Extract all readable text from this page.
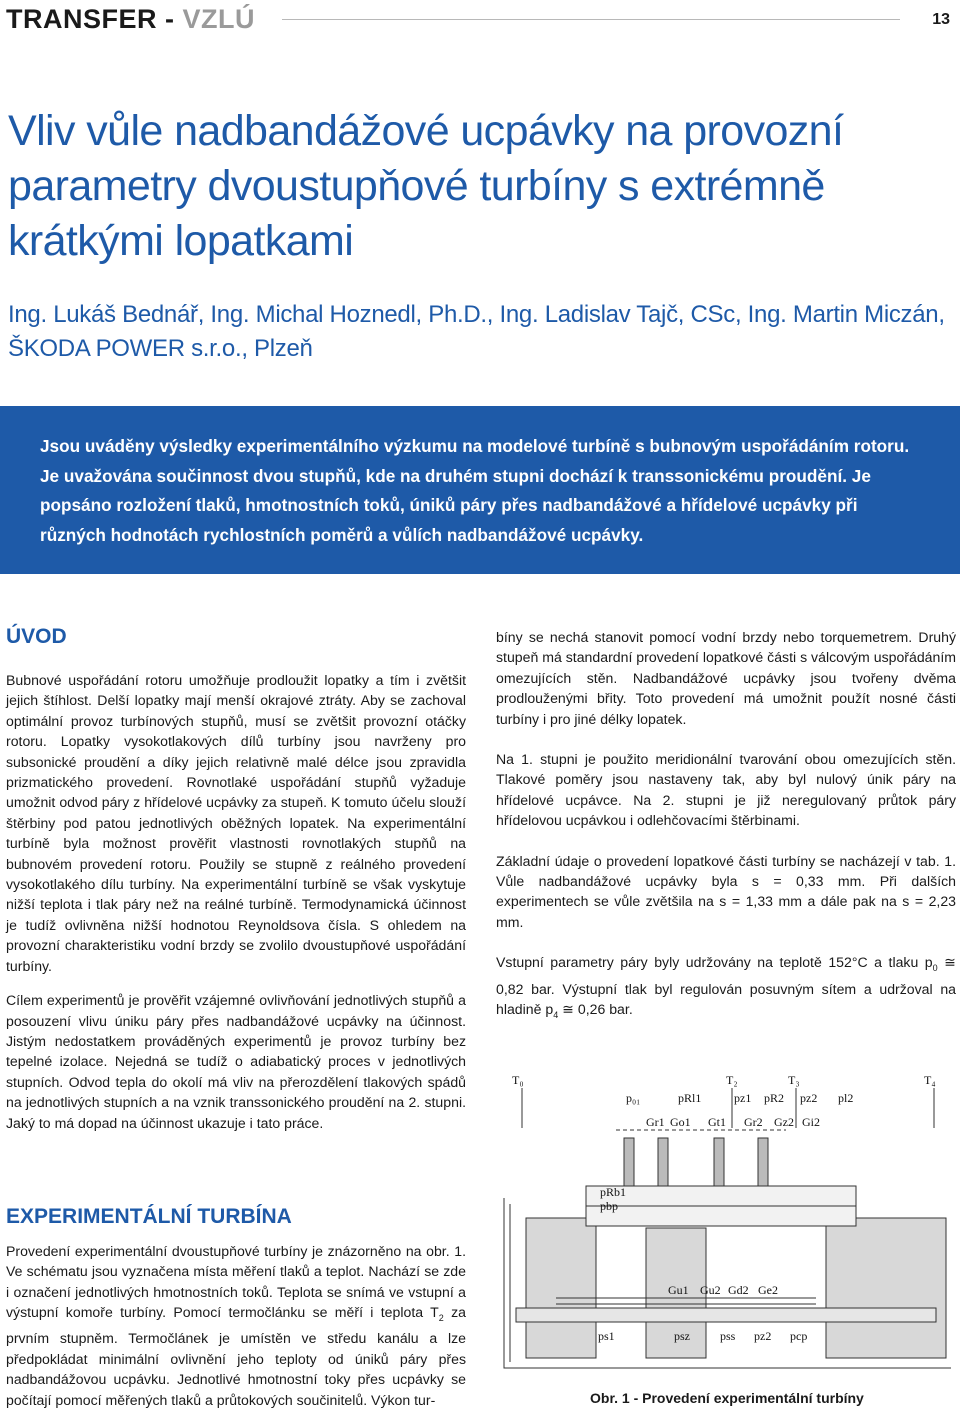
TRANSFER - VZLÚ	13
Vliv vůle nadbandážové ucpávky na provozní parametry dvoustupňové turbíny s extrémně krátkými lopatkami
Ing. Lukáš Bednář, Ing. Michal Hoznedl, Ph.D., Ing. Ladislav Tajč, CSc, Ing. Martin Miczán, ŠKODA POWER s.r.o., Plzeň

Jsou uváděny výsledky experimentálního výzkumu na modelové turbíně s bubnovým uspořádáním rotoru. Je uvažována součinnost dvou stupňů, kde na druhém stupni dochází k transsonickému proudění. Je popsáno rozložení tlaků, hmotnostních toků, úniků páry přes nadbandážové a hřídelové ucpávky při různých hodnotách rychlostních poměrů a vůlích nadbandážové ucpávky.

ÚVOD

Bubnové uspořádání rotoru umožňuje prodloužit lopatky a tím i zvětšit jejich štíhlost. Delší lopatky mají menší okrajové ztráty. Aby se zachoval optimální provoz turbínových stupňů, musí se zvětšit provozní otáčky rotoru. Lopatky vysokotlakových dílů turbíny jsou navrženy pro subsonické proudění a díky jejich relativně malé délce jsou zpravidla prizmatického provedení. Rovnotlaké uspořádání stupňů vyžaduje umožnit odvod páry z hřídelové ucpávky za stupeň. K tomuto účelu slouží štěrbiny pod patou jednotlivých oběžných lopatek. Na experimentální turbíně byla možnost prověřit vlastnosti rovnotlakých stupňů na bubnovém provedení rotoru. Použily se stupně z reálného provedení vysokotlakého dílu turbíny. Na experimentální turbíně se však vyskytuje nižší teplota i tlak páry než na reálné turbíně. Termodynamická účinnost je tudíž ovlivněna nižší hodnotou Reynoldsova čísla. S ohledem na provozní charakteristiku vodní brzdy se zvolilo dvoustupňové uspořádání turbíny.

Cílem experimentů je prověřit vzájemné ovlivňování jednotlivých stupňů a posouzení vlivu úniku páry přes nadbandážové ucpávky na účinnost. Jistým nedostatkem prováděných experimentů je provoz turbíny bez tepelné izolace. Nejedná se tudíž o adiabatický proces v jednotlivých stupních. Odvod tepla do okolí má vliv na přerozdělení tlakových spádů na jednotlivých stupních a na vznik transsonického proudění na 2. stupni. Jaký to má dopad na účinnost ukazuje i tato práce.

EXPERIMENTÁLNÍ TURBÍNA

Provedení experimentální dvoustupňové turbíny je znázorněno na obr. 1. Ve schématu jsou vyznačena místa měření tlaků a teplot. Nachází se zde i označení jednotlivých hmotnostních toků. Teplota se snímá ve vstupní a výstupní komoře turbíny. Pomocí termočlánku se měří i teplota $T_2$ za prvním stupněm. Termočlánek je umístěn ve středu kanálu a lze předpokládat minimální ovlivnění jeho teploty od úniků páry přes nadbandážovou ucpávku. Jednotlivé hmotnostní toky přes ucpávky se počítají pomocí měřených tlaků a průtokových součinitelů. Výkon tur-

bíny se nechá stanovit pomocí vodní brzdy nebo torquemetrem. Druhý stupeň má standardní provedení lopatkové části s válcovým uspořádáním omezujících stěn. Nadbandážové ucpávky jsou tvořeny dvěma prodlouženými břity. Toto provedení má umožnit použít nosné části turbíny i pro jiné délky lopatek.

Na 1. stupni je použito meridionální tvarování obou omezujících stěn. Tlakové poměry jsou nastaveny tak, aby byl nulový únik páry na hřídelové ucpávce. Na 2. stupni je již neregulovaný průtok páry hřídelovou ucpávkou i odlehčovacími štěrbinami.

Základní údaje o provedení lopatkové části turbíny se nacházejí v tab. 1. Vůle nadbandážové ucpávky byla s = 0,33 mm. Při dalších experimentech se vůle zvětšila na s = 1,33 mm a dále pak na s = 2,23 mm.

Vstupní parametry páry byly udržovány na teplotě 152°C a tlaku $p_0$ ≅ 0,82 bar. Výstupní tlak byl regulován posuvným sítem a udržoval na hladině $p_4$ ≅ 0,26 bar.

T₀	T₂	T₃	T₄
p₀₁	pRl1	pz1 pR2 pz2 pl2
Gr1 Go1 Gt1 Gr2 Gz2 Gi2
pRb1
pbp
Gu1 Gu2 Gd2 Ge2
ps1	psz	pss pz2 pcp
Obr. 1 - Provedení experimentální turbíny
